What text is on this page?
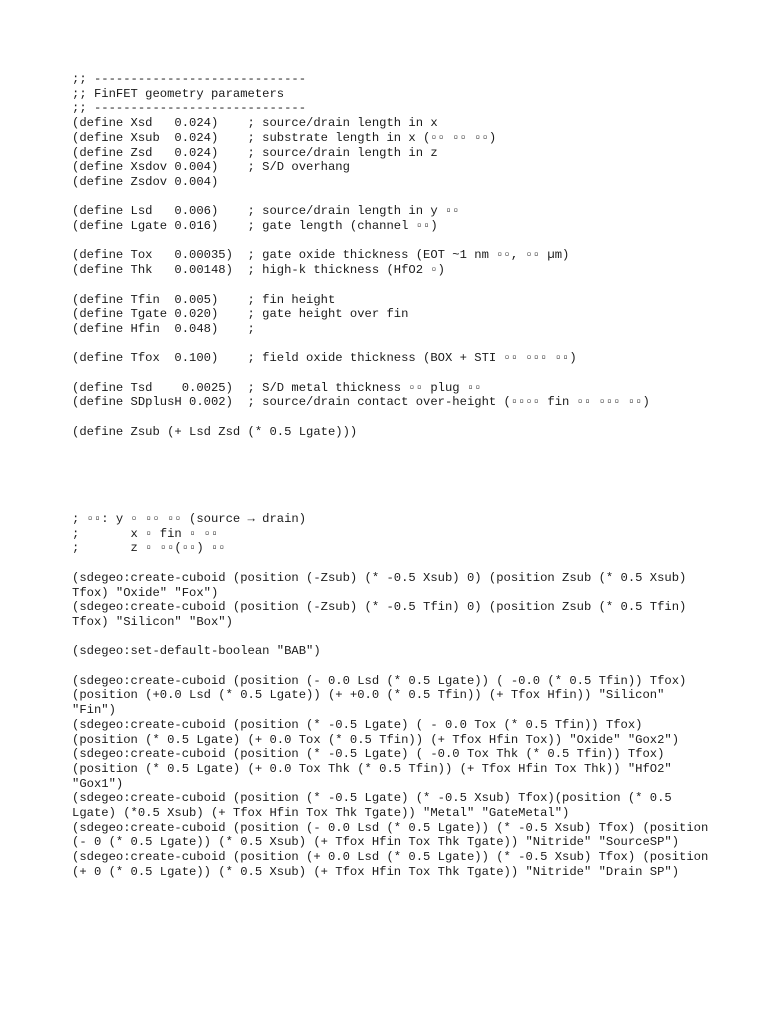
;; -----------------------------
;; FinFET geometry parameters
;; -----------------------------
(define Xsd   0.024)    ; source/drain length in x
(define Xsub  0.024)    ; substrate length in x (▫▫ ▫▫ ▫▫)
(define Zsd   0.024)    ; source/drain length in z
(define Xsdov 0.004)    ; S/D overhang
(define Zsdov 0.004)
(define Lsd   0.006)    ; source/drain length in y ▫▫
(define Lgate 0.016)    ; gate length (channel ▫▫)
(define Tox   0.00035)  ; gate oxide thickness (EOT ~1 nm ▫▫, ▫▫ µm)
(define Thk   0.00148)  ; high-k thickness (HfO2 ▫)
(define Tfin  0.005)    ; fin height
(define Tgate 0.020)    ; gate height over fin
(define Hfin  0.048)    ;
(define Tfox  0.100)    ; field oxide thickness (BOX + STI ▫▫ ▫▫▫ ▫▫)
(define Tsd    0.0025)  ; S/D metal thickness ▫▫ plug ▫▫
(define SDplusH 0.002)  ; source/drain contact over-height (▫▫▫▫ fin ▫▫ ▫▫▫ ▫▫)
(define Zsub (+ Lsd Zsd (* 0.5 Lgate)))
; ▫▫: y ▫ ▫▫ ▫▫ (source → drain)
;       x ▫ fin ▫ ▫▫
;       z ▫ ▫▫(▫▫) ▫▫
(sdegeo:create-cuboid (position (-Zsub) (* -0.5 Xsub) 0) (position Zsub (* 0.5 Xsub) Tfox) "Oxide" "Fox")
(sdegeo:create-cuboid (position (-Zsub) (* -0.5 Tfin) 0) (position Zsub (* 0.5 Tfin) Tfox) "Silicon" "Box")
(sdegeo:set-default-boolean "BAB")
(sdegeo:create-cuboid (position (- 0.0 Lsd (* 0.5 Lgate)) ( -0.0 (* 0.5 Tfin)) Tfox) (position (+0.0 Lsd (* 0.5 Lgate)) (+ +0.0 (* 0.5 Tfin)) (+ Tfox Hfin)) "Silicon" "Fin")
(sdegeo:create-cuboid (position (* -0.5 Lgate) ( - 0.0 Tox (* 0.5 Tfin)) Tfox) (position (* 0.5 Lgate) (+ 0.0 Tox (* 0.5 Tfin)) (+ Tfox Hfin Tox)) "Oxide" "Gox2")
(sdegeo:create-cuboid (position (* -0.5 Lgate) ( -0.0 Tox Thk (* 0.5 Tfin)) Tfox) (position (* 0.5 Lgate) (+ 0.0 Tox Thk (* 0.5 Tfin)) (+ Tfox Hfin Tox Thk)) "HfO2" "Gox1")
(sdegeo:create-cuboid (position (* -0.5 Lgate) (* -0.5 Xsub) Tfox)(position (* 0.5 Lgate) (*0.5 Xsub) (+ Tfox Hfin Tox Thk Tgate)) "Metal" "GateMetal")
(sdegeo:create-cuboid (position (- 0.0 Lsd (* 0.5 Lgate)) (* -0.5 Xsub) Tfox) (position (- 0 (* 0.5 Lgate)) (* 0.5 Xsub) (+ Tfox Hfin Tox Thk Tgate)) "Nitride" "SourceSP")
(sdegeo:create-cuboid (position (+ 0.0 Lsd (* 0.5 Lgate)) (* -0.5 Xsub) Tfox) (position (+ 0 (* 0.5 Lgate)) (* 0.5 Xsub) (+ Tfox Hfin Tox Thk Tgate)) "Nitride" "Drain SP")
